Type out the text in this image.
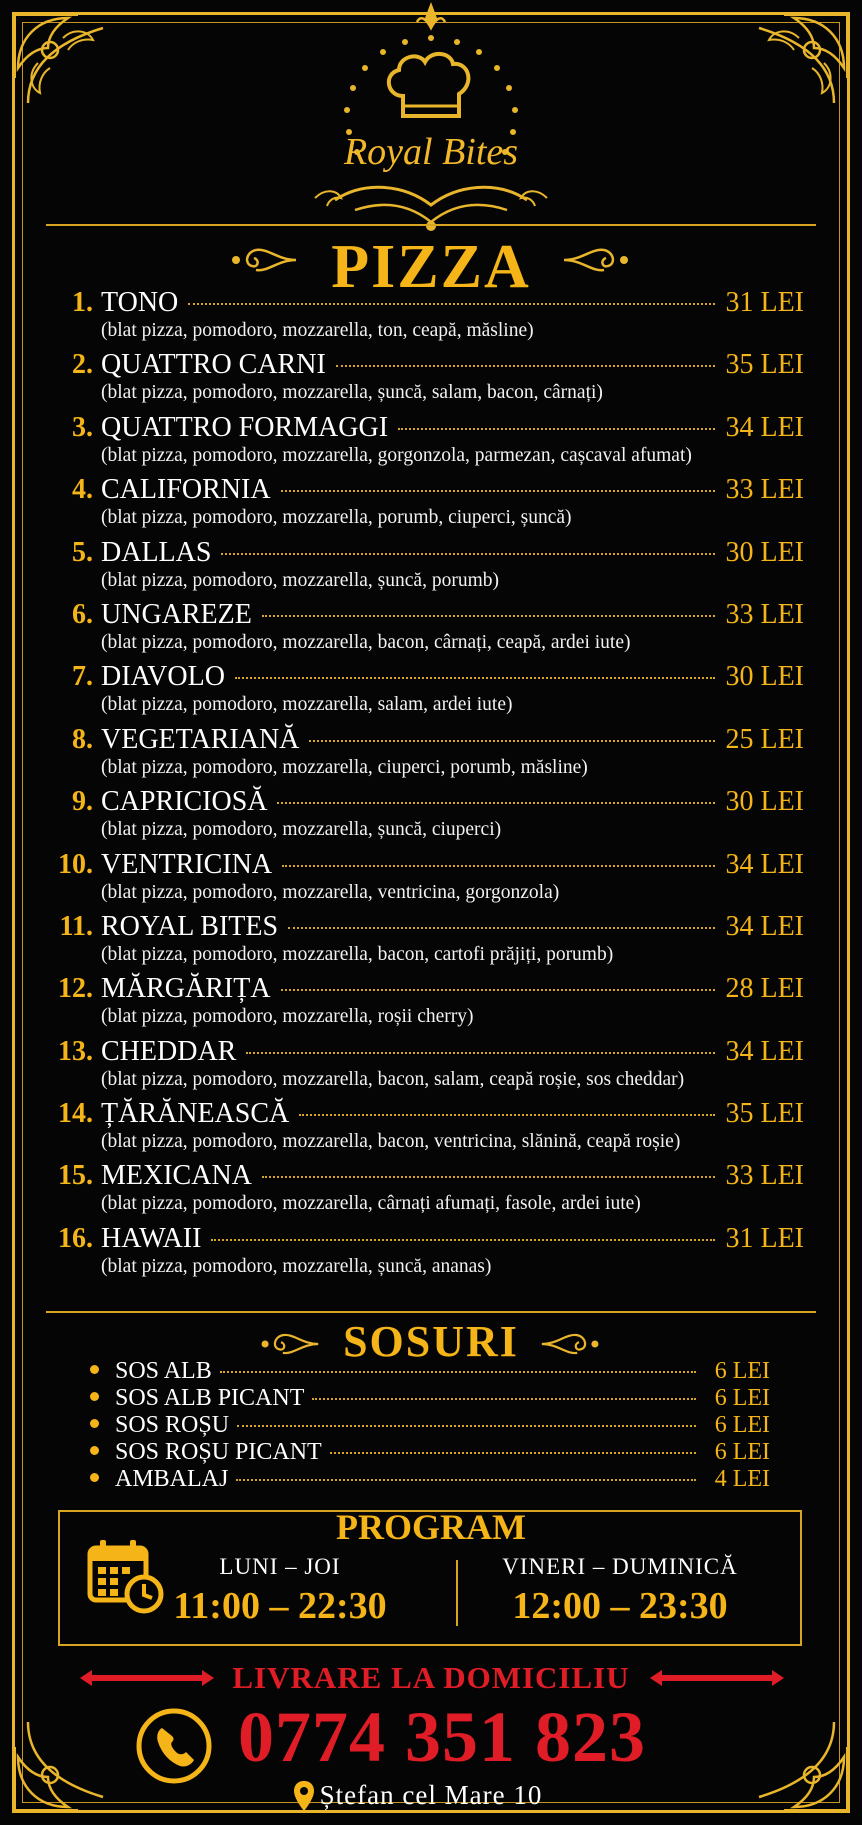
Royal Bites
PIZZA
1. TONO	31 LEI
(blat pizza, pomodoro, mozzarella, ton, ceapă, măsline)
2. QUATTRO CARNI	35 LEI
(blat pizza, pomodoro, mozzarella, șuncă, salam, bacon, cârnați)
3. QUATTRO FORMAGGI	34 LEI
(blat pizza, pomodoro, mozzarella, gorgonzola, parmezan, cașcaval afumat)
4. CALIFORNIA	33 LEI
(blat pizza, pomodoro, mozzarella, porumb, ciuperci, șuncă)
5. DALLAS	30 LEI
(blat pizza, pomodoro, mozzarella, șuncă, porumb)
6. UNGAREZE	33 LEI
(blat pizza, pomodoro, mozzarella, bacon, cârnați, ceapă, ardei iute)
7. DIAVOLO	30 LEI
(blat pizza, pomodoro, mozzarella, salam, ardei iute)
8. VEGETARIANĂ	25 LEI
(blat pizza, pomodoro, mozzarella, ciuperci, porumb, măsline)
9. CAPRICIOSĂ	30 LEI
(blat pizza, pomodoro, mozzarella, șuncă, ciuperci)
10. VENTRICINA	34 LEI
(blat pizza, pomodoro, mozzarella, ventricina, gorgonzola)
11. ROYAL BITES	34 LEI
(blat pizza, pomodoro, mozzarella, bacon, cartofi prăjiți, porumb)
12. MĂRGĂRIȚA	28 LEI
(blat pizza, pomodoro, mozzarella, roșii cherry)
13. CHEDDAR	34 LEI
(blat pizza, pomodoro, mozzarella, bacon, salam, ceapă roșie, sos cheddar)
14. ȚĂRĂNEASCĂ	35 LEI
(blat pizza, pomodoro, mozzarella, bacon, ventricina, slănină, ceapă roșie)
15. MEXICANA	33 LEI
(blat pizza, pomodoro, mozzarella, cârnați afumați, fasole, ardei iute)
16. HAWAII	31 LEI
(blat pizza, pomodoro, mozzarella, șuncă, ananas)
SOSURI
SOS ALB	6 LEI
SOS ALB PICANT	6 LEI
SOS ROȘU	6 LEI
SOS ROȘU PICANT	6 LEI
AMBALAJ	4 LEI
PROGRAM
LUNI – JOI
11:00 – 22:30
VINERI – DUMINICĂ
12:00 – 23:30
LIVRARE LA DOMICILIU
0774 351 823
Ștefan cel Mare 10
